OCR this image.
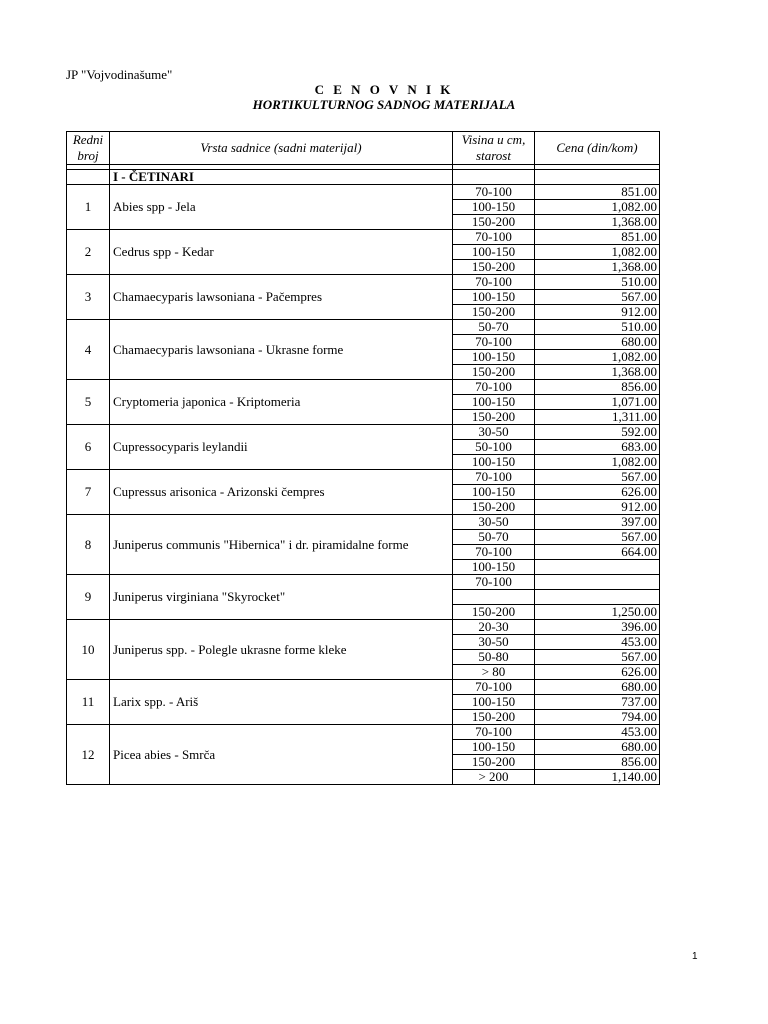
JP "Vojvodinašume"
C E N O V N I K
HORTIKULTURNOG SADNOG MATERIJALA
Redni broj	Vrsta sadnice (sadni materijal)	Visina u cm, starost	Cena (din/kom)

	I - ČETINARI		
1	Abies spp - Jela	70-100	851.00
		100-150	1,082.00
		150-200	1,368.00
2	Cedrus spp - Kedar	70-100	851.00
		100-150	1,082.00
		150-200	1,368.00
3	Chamaecyparis lawsoniana - Pačempres	70-100	510.00
		100-150	567.00
		150-200	912.00
4	Chamaecyparis lawsoniana - Ukrasne forme	50-70	510.00
		70-100	680.00
		100-150	1,082.00
		150-200	1,368.00
5	Cryptomeria japonica - Kriptomeria	70-100	856.00
		100-150	1,071.00
		150-200	1,311.00
6	Cupressocyparis leylandii	30-50	592.00
		50-100	683.00
		100-150	1,082.00
7	Cupressus arisonica - Arizonski čempres	70-100	567.00
		100-150	626.00
		150-200	912.00
8	Juniperus communis "Hibernica" i dr. piramidalne forme	30-50	397.00
		50-70	567.00
		70-100	664.00
		100-150	
9	Juniperus virginiana "Skyrocket"	70-100	

		150-200	1,250.00
10	Juniperus spp. - Polegle ukrasne forme kleke	20-30	396.00
		30-50	453.00
		50-80	567.00
		> 80	626.00
11	Larix spp. - Ariš	70-100	680.00
		100-150	737.00
		150-200	794.00
12	Picea abies - Smrča	70-100	453.00
		100-150	680.00
		150-200	856.00
		> 200	1,140.00
1
